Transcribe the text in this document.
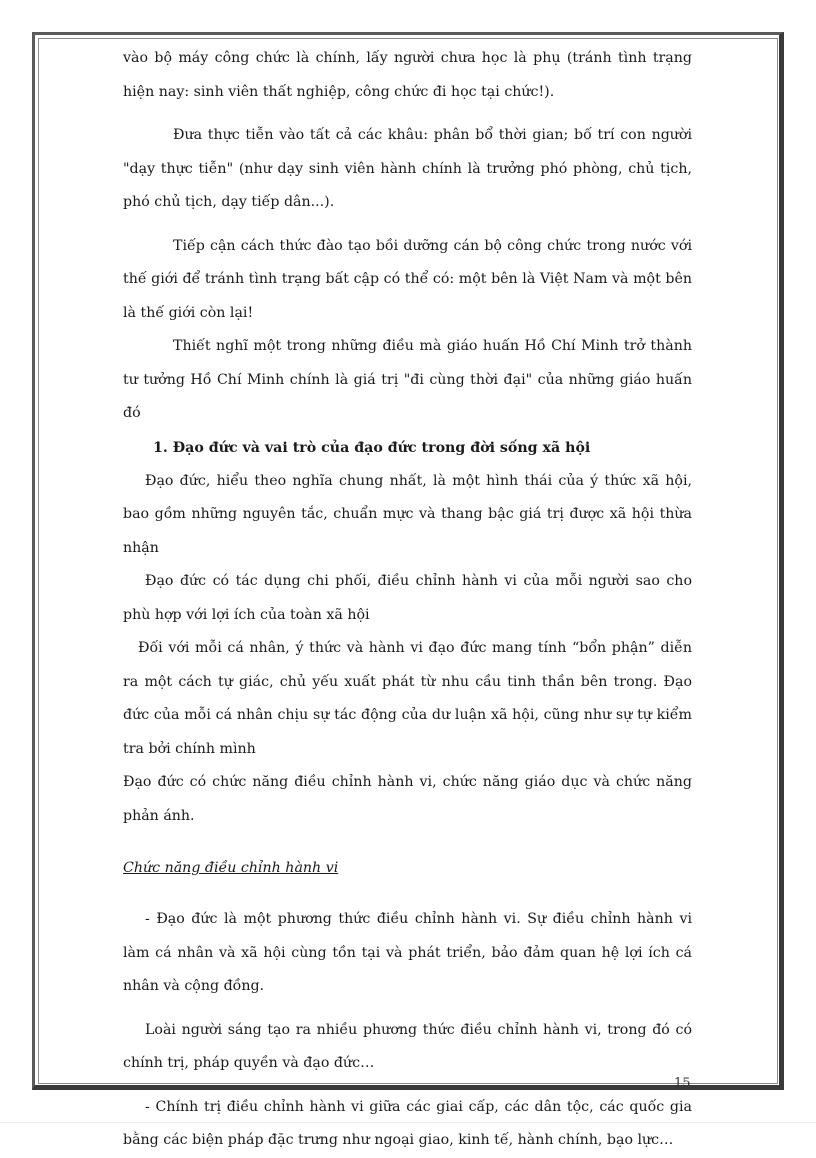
vào bộ máy công chức là chính, lấy người chưa học là phụ (tránh tình trạng hiện nay: sinh viên thất nghiệp, công chức đi học tại chức!).

Đưa thực tiễn vào tất cả các khâu: phân bổ thời gian; bố trí con người "dạy thực tiễn" (như dạy sinh viên hành chính là trưởng phó phòng, chủ tịch, phó chủ tịch, dạy tiếp dân...).

Tiếp cận cách thức đào tạo bồi dưỡng cán bộ công chức trong nước với thế giới để tránh tình trạng bất cập có thể có: một bên là Việt Nam và một bên là thế giới còn lại!

Thiết nghĩ một trong những điều mà giáo huấn Hồ Chí Minh trở thành tư tưởng Hồ Chí Minh chính là giá trị "đi cùng thời đại" của những giáo huấn đó

1. Đạo đức và vai trò của đạo đức trong đời sống xã hội

Đạo đức, hiểu theo nghĩa chung nhất, là một hình thái của ý thức xã hội, bao gồm những nguyên tắc, chuẩn mực và thang bậc giá trị được xã hội thừa nhận

Đạo đức có tác dụng chi phối, điều chỉnh hành vi của mỗi người sao cho phù hợp với lợi ích của toàn xã hội

Đối với mỗi cá nhân, ý thức và hành vi đạo đức mang tính “bổn phận” diễn ra một cách tự giác, chủ yếu xuất phát từ nhu cầu tinh thần bên trong. Đạo đức của mỗi cá nhân chịu sự tác động của dư luận xã hội, cũng như sự tự kiểm tra bởi chính mình

Đạo đức có chức năng điều chỉnh hành vi, chức năng giáo dục và chức năng phản ánh.

Chức năng điều chỉnh hành vi

- Đạo đức là một phương thức điều chỉnh hành vi. Sự điều chỉnh hành vi làm cá nhân và xã hội cùng tồn tại và phát triển, bảo đảm quan hệ lợi ích cá nhân và cộng đồng.

Loài người sáng tạo ra nhiều phương thức điều chỉnh hành vi, trong đó có chính trị, pháp quyền và đạo đức…

- Chính trị điều chỉnh hành vi giữa các giai cấp, các dân tộc, các quốc gia bằng các biện pháp đặc trưng như ngoại giao, kinh tế, hành chính, bạo lực…

15
